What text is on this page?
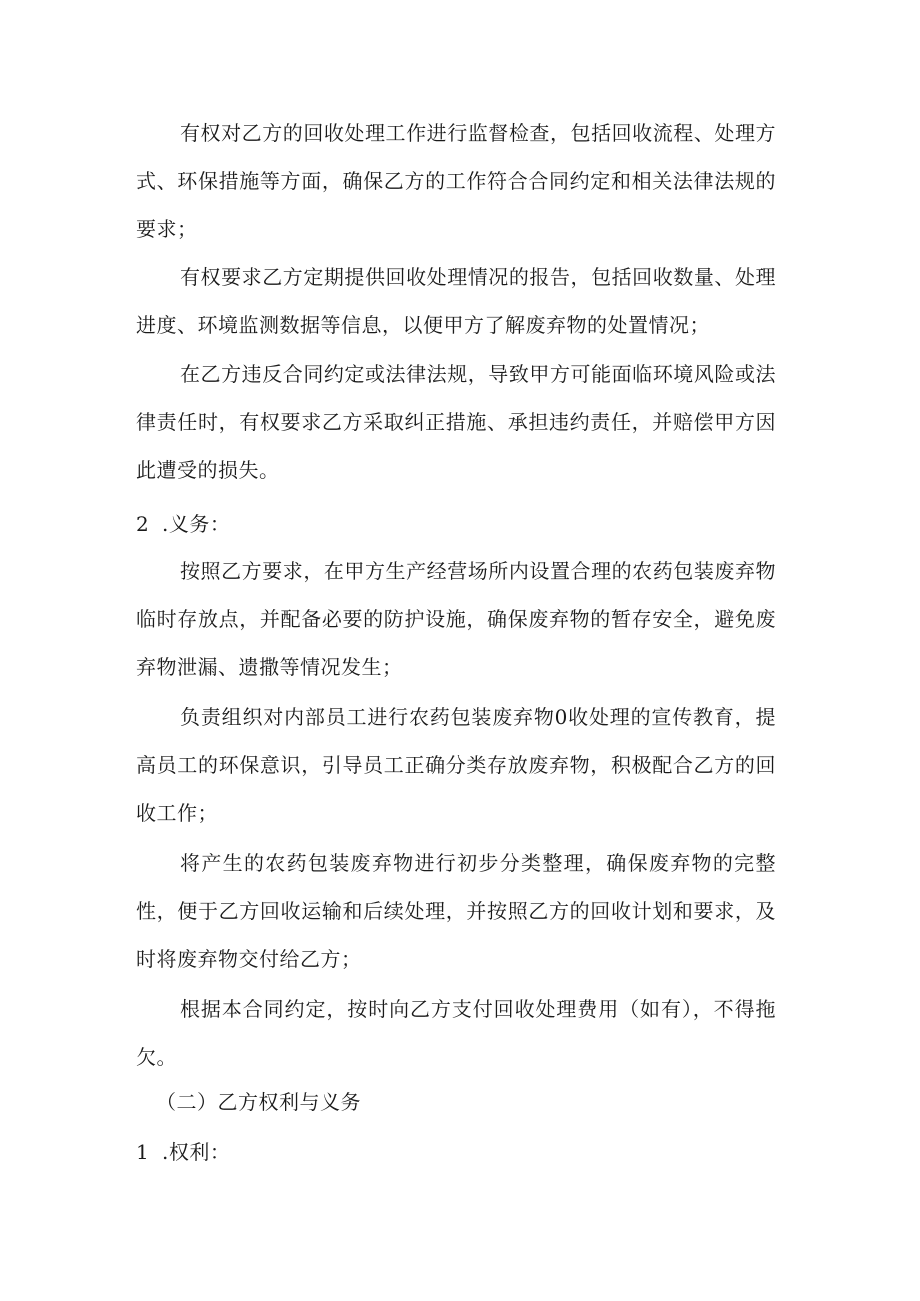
有权对乙方的回收处理工作进行监督检查，包括回收流程、处理方式、环保措施等方面，确保乙方的工作符合合同约定和相关法律法规的要求；

有权要求乙方定期提供回收处理情况的报告，包括回收数量、处理进度、环境监测数据等信息，以便甲方了解废弃物的处置情况；

在乙方违反合同约定或法律法规，导致甲方可能面临环境风险或法律责任时，有权要求乙方采取纠正措施、承担违约责任，并赔偿甲方因此遭受的损失。

2 .义务：

按照乙方要求，在甲方生产经营场所内设置合理的农药包装废弃物临时存放点，并配备必要的防护设施，确保废弃物的暂存安全，避免废弃物泄漏、遗撒等情况发生；

负责组织对内部员工进行农药包装废弃物0收处理的宣传教育，提高员工的环保意识，引导员工正确分类存放废弃物，积极配合乙方的回收工作；

将产生的农药包装废弃物进行初步分类整理，确保废弃物的完整性，便于乙方回收运输和后续处理，并按照乙方的回收计划和要求，及时将废弃物交付给乙方；

根据本合同约定，按时向乙方支付回收处理费用（如有），不得拖欠。

（二）乙方权利与义务
1 .权利：
